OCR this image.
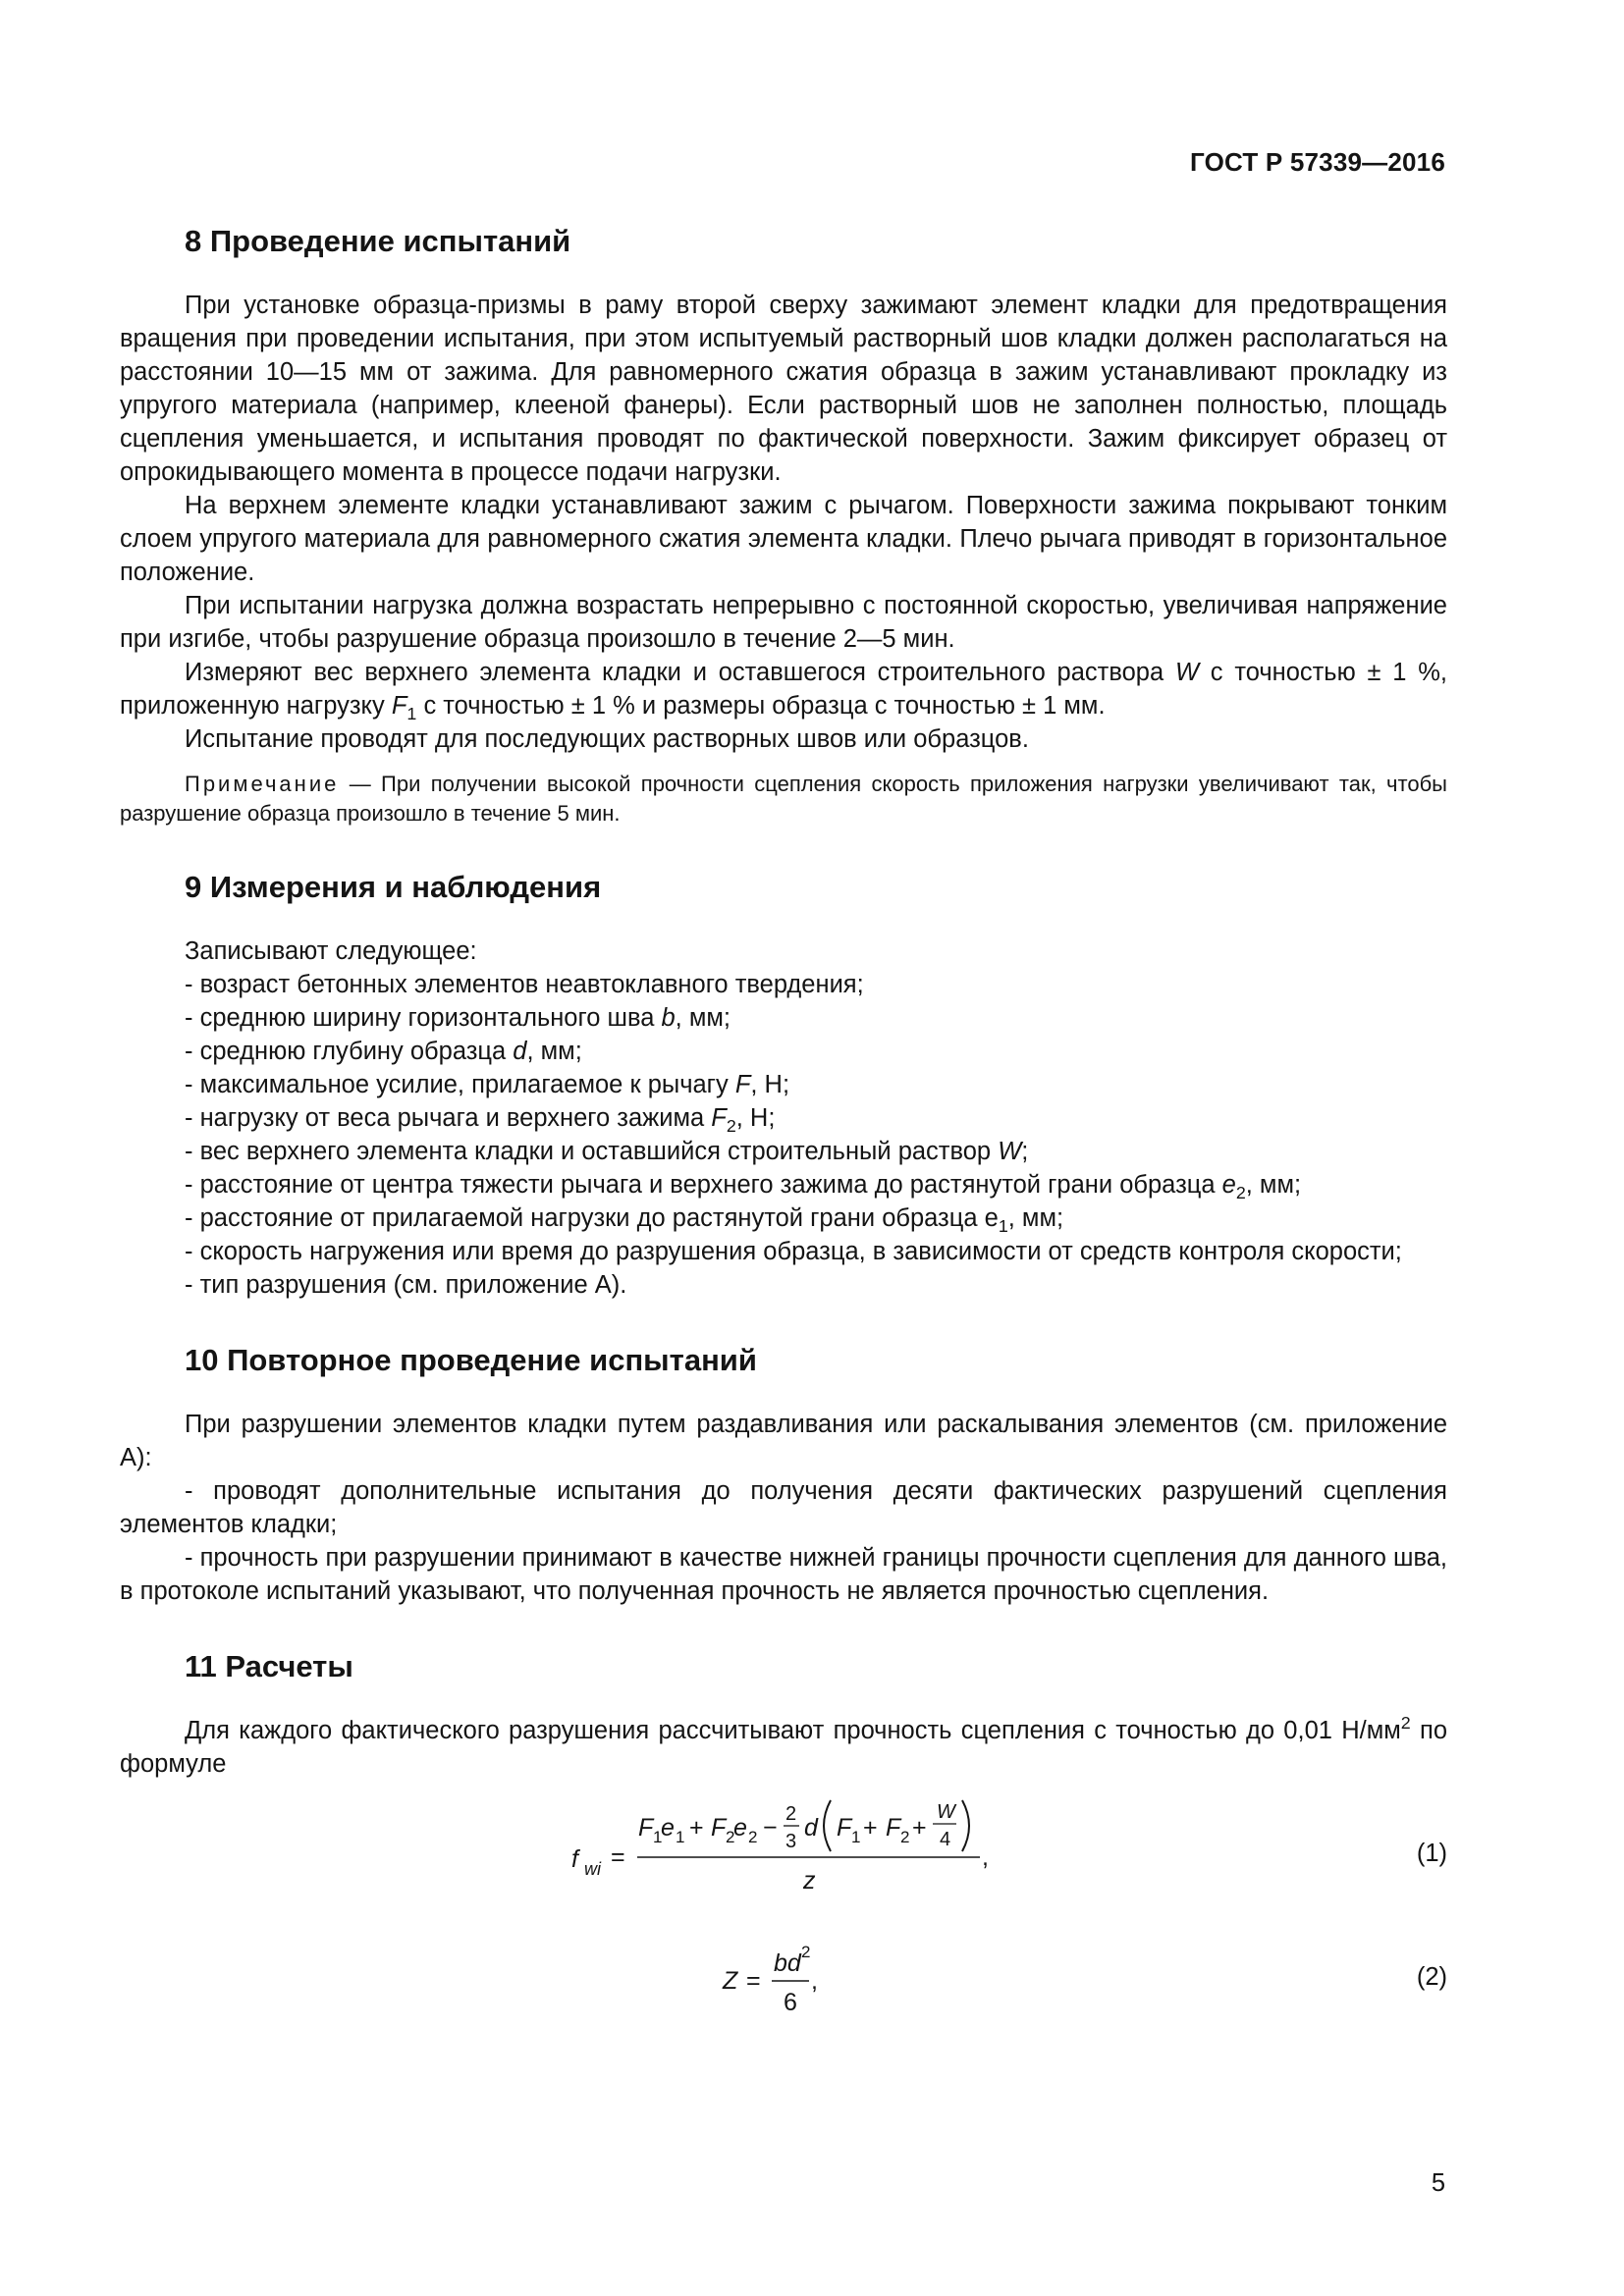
ГОСТ Р 57339—2016
8 Проведение испытаний

При установке образца-призмы в раму второй сверху зажимают элемент кладки для предотвращения вращения при проведении испытания, при этом испытуемый растворный шов кладки должен располагаться на расстоянии 10—15 мм от зажима. Для равномерного сжатия образца в зажим устанавливают прокладку из упругого материала (например, клееной фанеры). Если растворный шов не заполнен полностью, площадь сцепления уменьшается, и испытания проводят по фактической поверхности. Зажим фиксирует образец от опрокидывающего момента в процессе подачи нагрузки.

На верхнем элементе кладки устанавливают зажим с рычагом. Поверхности зажима покрывают тонким слоем упругого материала для равномерного сжатия элемента кладки. Плечо рычага приводят в горизонтальное положение.

При испытании нагрузка должна возрастать непрерывно с постоянной скоростью, увеличивая напряжение при изгибе, чтобы разрушение образца произошло в течение 2—5 мин.

Измеряют вес верхнего элемента кладки и оставшегося строительного раствора W с точностью ± 1 %, приложенную нагрузку $F_1$ с точностью ± 1 % и размеры образца с точностью ± 1 мм.

Испытание проводят для последующих растворных швов или образцов.

Примечание — При получении высокой прочности сцепления скорость приложения нагрузки увеличивают так, чтобы разрушение образца произошло в течение 5 мин.

9 Измерения и наблюдения
Записывают следующее:
- возраст бетонных элементов неавтоклавного твердения;
- среднюю ширину горизонтального шва b, мм;
- среднюю глубину образца d, мм;
- максимальное усилие, прилагаемое к рычагу F, Н;
- нагрузку от веса рычага и верхнего зажима $F_2$, Н;
- вес верхнего элемента кладки и оставшийся строительный раствор W;
- расстояние от центра тяжести рычага и верхнего зажима до растянутой грани образца $e_2$, мм;
- расстояние от прилагаемой нагрузки до растянутой грани образца $e_1$, мм;
- скорость нагружения или время до разрушения образца, в зависимости от средств контроля скорости;
- тип разрушения (см. приложение А).
10 Повторное проведение испытаний

При разрушении элементов кладки путем раздавливания или раскалывания элементов (см. приложение А):

- проводят дополнительные испытания до получения десяти фактических разрушений сцепления элементов кладки;

- прочность при разрушении принимают в качестве нижней границы прочности сцепления для данного шва, в протоколе испытаний указывают, что полученная прочность не является прочностью сцепления.

11 Расчеты

Для каждого фактического разрушения рассчитывают прочность сцепления с точностью до 0,01 $Н/мм^2$ по формуле

f wi =
F 1
e 1 + F 2
e 2 − 2
3 d F 1 + F 2 +
W
4
z
,	(1)
Z =
bd 2
6
,	(2)
5
